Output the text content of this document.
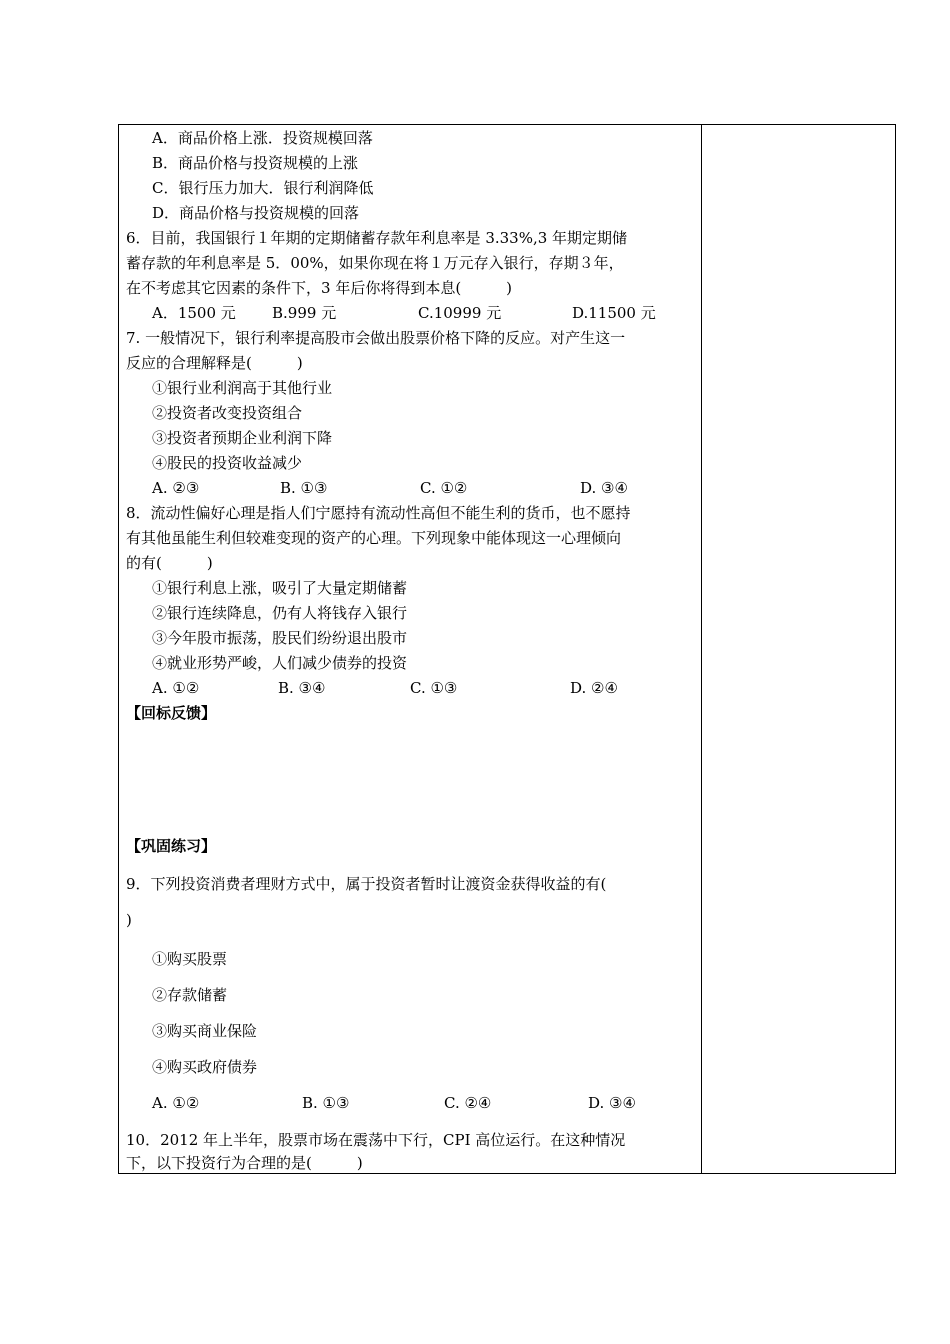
A．商品价格上涨．投资规模回落
B．商品价格与投资规模的上涨
C．银行压力加大．银行利润降低
D．商品价格与投资规模的回落
6．目前，我国银行１年期的定期储蓄存款年利息率是 3.33%,3 年期定期储
蓄存款的年利息率是 5．00%，如果你现在将１万元存入银行，存期３年，
在不考虑其它因素的条件下，3 年后你将得到本息(　　　)
A．1500 元 B.999 元	C.10999 元	D.11500 元
7. 一般情况下，银行利率提高股市会做出股票价格下降的反应。对产生这一
反应的合理解释是(　　　)
①银行业利润高于其他行业
②投资者改变投资组合
③投资者预期企业利润下降
④股民的投资收益减少
A. ②③	B. ①③	C. ①②	D. ③④
8．流动性偏好心理是指人们宁愿持有流动性高但不能生利的货币，也不愿持
有其他虽能生利但较难变现的资产的心理。下列现象中能体现这一心理倾向
的有(　　　)
①银行利息上涨，吸引了大量定期储蓄
②银行连续降息，仍有人将钱存入银行
③今年股市振荡，股民们纷纷退出股市
④就业形势严峻，人们减少债券的投资
A. ①②	B. ③④	C. ①③	D. ②④
【回标反馈】
【巩固练习】
9．下列投资消费者理财方式中，属于投资者暂时让渡资金获得收益的有(
)
①购买股票
②存款储蓄
③购买商业保险
④购买政府债券
A. ①②	B. ①③	C. ②④	D. ③④
10．2012 年上半年，股票市场在震荡中下行，CPI 高位运行。在这种情况
下，以下投资行为合理的是(　　　)
